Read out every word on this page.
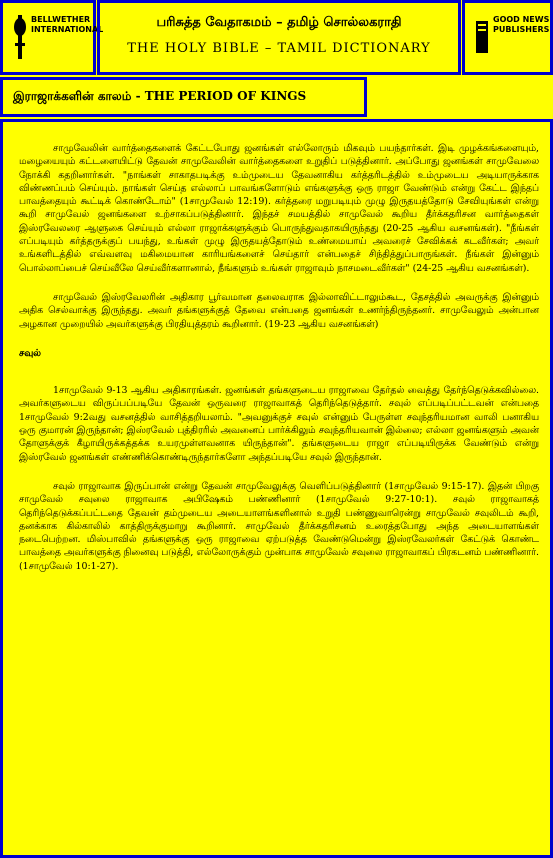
BELLWETHER INTERNATIONAL	பரிசுத்த வேதாகமம் – தமிழ் சொல்லகராதி
THE HOLY BIBLE – TAMIL DICTIONARY
GOOD NEWS PUBLISHERS
இராஜாக்களின் காலம் - THE PERIOD OF KINGS

சாமுவேலின் வார்த்தைகளைக் கேட்டபோது ஜனங்கள் எல்லோரும் மிகவும் பயந்தார்கள். இடி முழக்கங்களையும், மழையையும் கட்டளையிட்டு தேவன் சாமுவேலின் வார்த்தைகளை உறுதிப் படுத்தினார். அப்போது ஜனங்கள் சாமுவேலை நோக்கி கதறினார்கள். "நாங்கள் சாகாதபடிக்கு உம்முடைய தேவனாகிய கர்த்தரிடத்தில் உம்முடைய அடியாருக்காக விண்ணப்பம் செய்யும். நாங்கள் செய்த எல்லாப் பாவங்களோடும் எங்களுக்கு ஒரு ராஜா வேண்டும் என்று கேட்ட இந்தப் பாவத்தையும் கூட்டிக் கொண்டோம்" (1சாமுவேல் 12:19). கர்த்தரை மறுபடியும் முழு இருதயத்தோடு சேவியுங்கள் என்று கூறி சாமுவேல் ஜனங்களை உற்சாகப்படுத்தினார். இந்தச் சமயத்தில் சாமுவேல் கூறிய தீர்க்கதரிசன வார்த்தைகள் இஸ்ரவேலரை ஆளுகை செய்யும் எல்லா ராஜாக்களுக்கும் பொருந்துவதாகயிருந்தது (20-25 ஆகிய வசனங்கள்). "நீங்கள் எப்படியும் கர்த்தருக்குப் பயந்து, உங்கள் முழு இருதயத்தோடும் உண்மையாய் அவரைச் சேவிக்கக் கடவீர்கள்; அவர் உங்களிடத்தில் எவ்வளவு மகிமையான காரியங்களைச் செய்தார் என்பதைச் சிந்தித்துப்பாருங்கள். நீங்கள் இன்னும் பொல்லாப்பைச் செய்வீலே செய்வீர்களானால், நீங்களும் உங்கள் ராஜாவும் நாசமடைவீர்கள்" (24-25 ஆகிய வசனங்கள்).

சாமுவேல் இஸ்ரவேலரின் அதிகார பூர்வமான தலைவராக இல்லாவிட்டாலும்கூட, தேசத்தில் அவருக்கு இன்னும் அதிக செல்வாக்கு இருந்தது. அவர் தங்களுக்குத் தேவை என்பதை ஜனங்கள் உணர்ந்திருந்தனர். சாமுவேலும் அன்பான அழகான முறையில் அவர்களுக்கு பிரதியுத்தரம் கூறினார். (19-23 ஆகிய வசனங்கள்)

சவுல்

1சாமுவேல் 9-13 ஆகிய அதிகாரங்கள். ஜனங்கள் தங்களுடைய ராஜாவை தேர்தல் வைத்து தேர்ந்தெடுக்கவில்லை. அவர்களுடைய விருப்பப்படியே தேவன் ஒருவரை ராஜாவாகத் தெரிந்தெடுத்தார். சவுல் எப்படிப்பட்டவன் என்பதை 1சாமுவேல் 9:2வது வசனத்தில் வாசித்தறியலாம். "அவனுக்குச் சவுல் என்னும் பேருள்ள சவுந்தரியமான வாலி பனாகிய ஒரு குமாரன் இருந்தான்; இஸ்ரவேல் புத்திரரில் அவனைப் பார்க்கிலும் சவுந்தரியவான் இல்லை; எல்லா ஜனங்களும் அவன் தோளுக்குக் கீழாயிருக்கத்தக்க உயரமுள்ளவனாக யிருந்தான்". தங்களுடைய ராஜா எப்படியிருக்க வேண்டும் என்று இஸ்ரவேல் ஜனங்கள் எண்ணிக்கொண்டிருந்தார்களோ அந்தப்படியே சவுல் இருந்தான்.

சவுல் ராஜாவாக இருப்பான் என்று தேவன் சாமுவேலுக்கு வெளிப்படுத்தினார் (1சாமுவேல் 9:15-17). இதன் பிறகு சாமுவேல் சவுலை ராஜாவாக அபிஷேகம் பண்ணினார் (1சாமுவேல் 9:27-10:1). சவுல் ராஜாவாகத் தெரிந்தெடுக்கப்பட்டதை தேவன் தம்முடைய அடையாளங்களினால் உறுதி பண்ணுவாரென்று சாமுவேல் சவுலிடம் கூறி, தனக்காக கில்காலில் காத்திருக்குமாறு கூறினார். சாமுவேல் தீர்க்கதரிசனம் உரைத்தபோது அந்த அடையாளங்கள் நடைபெற்றன. மிஸ்பாவில் தங்களுக்கு ஒரு ராஜாவை ஏற்படுத்த வேண்டுமென்று இஸ்ரவேலர்கள் கேட்டுக் கொண்ட பாவத்தை அவர்களுக்கு நினைவு படுத்தி, எல்லோருக்கும் முன்பாக சாமுவேல் சவுலை ராஜாவாகப் பிரகடனம் பண்ணினார். (1சாமுவேல் 10:1-27).
